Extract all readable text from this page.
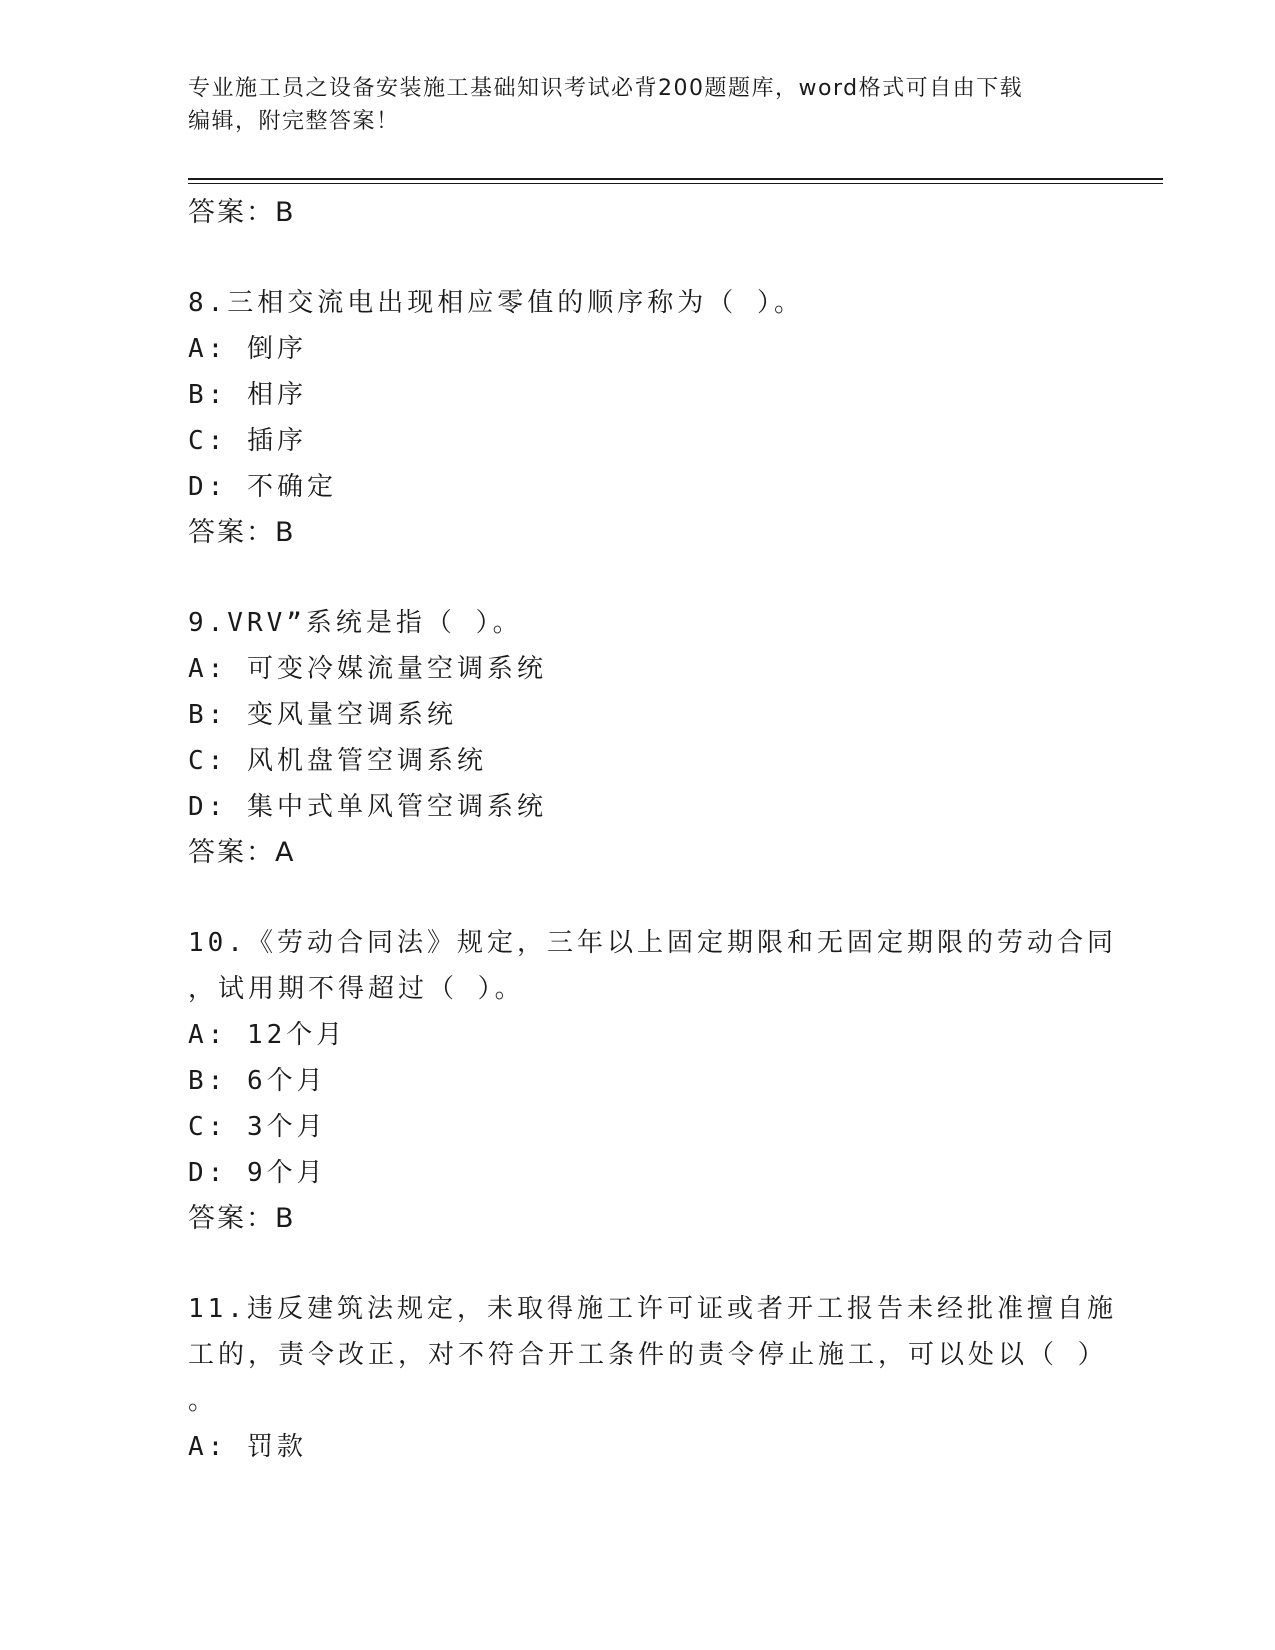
专业施工员之设备安装施工基础知识考试必背200题题库，word格式可自由下载
编辑，附完整答案！
答案：B
8.三相交流电出现相应零值的顺序称为（ ）。
A: 倒序
B: 相序
C: 插序
D: 不确定
答案：B
9.VRV”系统是指（ ）。
A: 可变冷媒流量空调系统
B: 变风量空调系统
C: 风机盘管空调系统
D: 集中式单风管空调系统
答案：A
10.《劳动合同法》规定，三年以上固定期限和无固定期限的劳动合同
，试用期不得超过（ ）。
A: 12个月
B: 6个月
C: 3个月
D: 9个月
答案：B
11.违反建筑法规定，未取得施工许可证或者开工报告未经批准擅自施
工的，责令改正，对不符合开工条件的责令停止施工，可以处以（ ）
。
A: 罚款
